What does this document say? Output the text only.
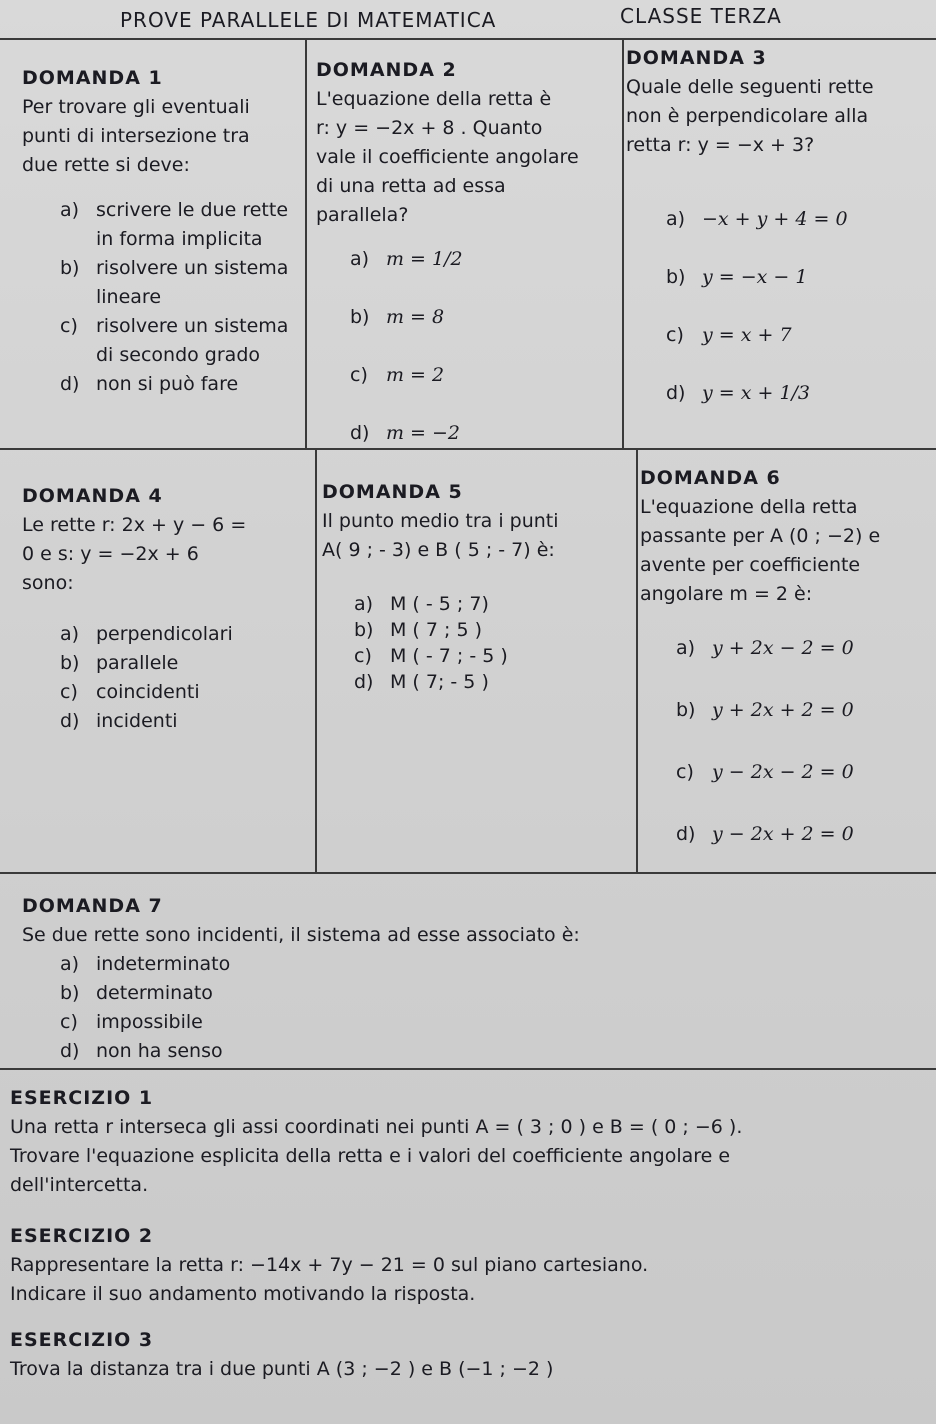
PROVE PARALLELE DI MATEMATICA	CLASSE TERZA
DOMANDA 1
Per trovare gli eventuali
punti di intersezione tra
due rette si deve:
a) scrivere le due rette
in forma implicita
b) risolvere un sistema
lineare
c) risolvere un sistema
di secondo grado
d) non si può fare
DOMANDA 2
L'equazione della retta è
r: y = −2x + 8 . Quanto
vale il coefficiente angolare
di una retta ad essa
parallela?
a) m = 1/2
b) m = 8
c) m = 2
d) m = −2
DOMANDA 3
Quale delle seguenti rette
non è perpendicolare alla
retta r: y = −x + 3?
a) −x + y + 4 = 0
b) y = −x − 1
c) y = x + 7
d) y = x + 1/3
DOMANDA 4
Le rette r: 2x + y − 6 =
0 e s: y = −2x + 6
sono:
a) perpendicolari
b) parallele
c) coincidenti
d) incidenti
DOMANDA 5
Il punto medio tra i punti
A( 9 ; - 3) e B ( 5 ; - 7) è:
a) M ( - 5 ; 7)
b) M ( 7 ; 5 )
c) M ( - 7 ; - 5 )
d) M ( 7; - 5 )
DOMANDA 6
L'equazione della retta
passante per A (0 ; −2) e
avente per coefficiente
angolare m = 2 è:
a) y + 2x − 2 = 0
b) y + 2x + 2 = 0
c) y − 2x − 2 = 0
d) y − 2x + 2 = 0
DOMANDA 7
Se due rette sono incidenti, il sistema ad esse associato è:
a) indeterminato
b) determinato
c) impossibile
d) non ha senso
ESERCIZIO 1
Una retta r interseca gli assi coordinati nei punti A = ( 3 ; 0 ) e B = ( 0 ; −6 ).
Trovare l'equazione esplicita della retta e i valori del coefficiente angolare e
dell'intercetta.
ESERCIZIO 2
Rappresentare la retta r: −14x + 7y − 21 = 0 sul piano cartesiano.
Indicare il suo andamento motivando la risposta.
ESERCIZIO 3
Trova la distanza tra i due punti A (3 ; −2 ) e B (−1 ; −2 )
